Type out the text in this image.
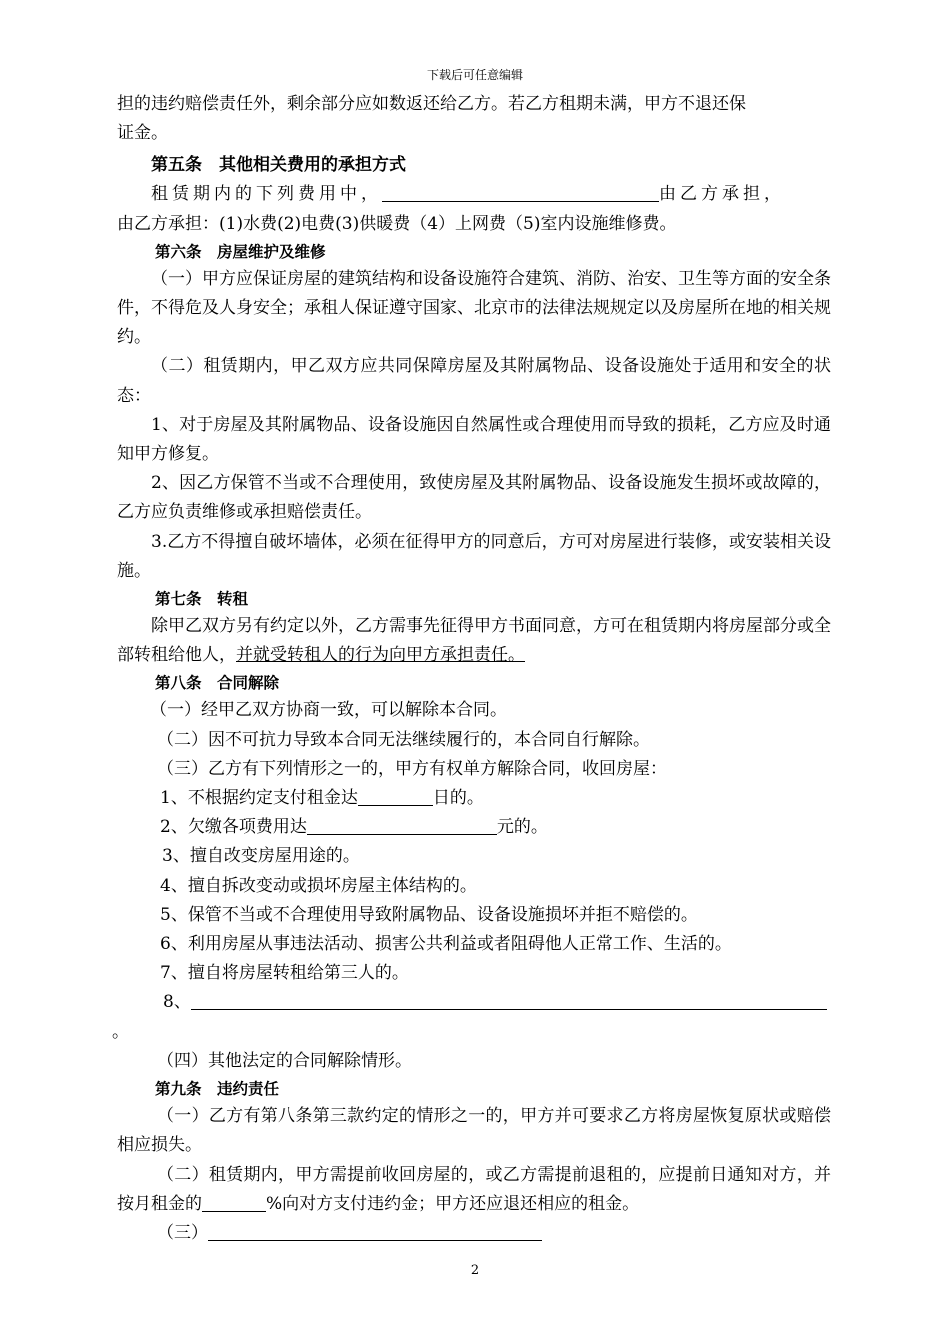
下载后可任意编辑

担的违约赔偿责任外，剩余部分应如数返还给乙方。若乙方租期未满，甲方不退还保

证金。

第五条　其他相关费用的承担方式

租赁期内的下列费用中，	由乙方承担，

由乙方承担：(1)水费(2)电费(3)供暖费（4）上网费（5)室内设施维修费。

第六条　房屋维护及维修

（一）甲方应保证房屋的建筑结构和设备设施符合建筑、消防、治安、卫生等方面的安全条件，不得危及人身安全；承租人保证遵守国家、北京市的法律法规规定以及房屋所在地的相关规约。

（二）租赁期内，甲乙双方应共同保障房屋及其附属物品、设备设施处于适用和安全的状态：

1、对于房屋及其附属物品、设备设施因自然属性或合理使用而导致的损耗，乙方应及时通知甲方修复。

2、因乙方保管不当或不合理使用，致使房屋及其附属物品、设备设施发生损坏或故障的，乙方应负责维修或承担赔偿责任。

3.乙方不得擅自破坏墙体，必须在征得甲方的同意后，方可对房屋进行装修，或安装相关设施。

第七条　转租

除甲乙双方另有约定以外，乙方需事先征得甲方书面同意，方可在租赁期内将房屋部分或全部转租给他人，并就受转租人的行为向甲方承担责任。

第八条　合同解除

（一）经甲乙双方协商一致，可以解除本合同。

（二）因不可抗力导致本合同无法继续履行的，本合同自行解除。

（三）乙方有下列情形之一的，甲方有权单方解除合同，收回房屋：

1、不根据约定支付租金达	日的。

2、欠缴各项费用达	元的。

3、擅自改变房屋用途的。

4、擅自拆改变动或损坏房屋主体结构的。

5、保管不当或不合理使用导致附属物品、设备设施损坏并拒不赔偿的。

6、利用房屋从事违法活动、损害公共利益或者阻碍他人正常工作、生活的。

7、擅自将房屋转租给第三人的。

8、

。

（四）其他法定的合同解除情形。

第九条　违约责任

（一）乙方有第八条第三款约定的情形之一的，甲方并可要求乙方将房屋恢复原状或赔偿相应损失。

（二）租赁期内，甲方需提前收回房屋的，或乙方需提前退租的，应提前日通知对方，并按月租金的	%向对方支付违约金；甲方还应退还相应的租金。

（三）

2
